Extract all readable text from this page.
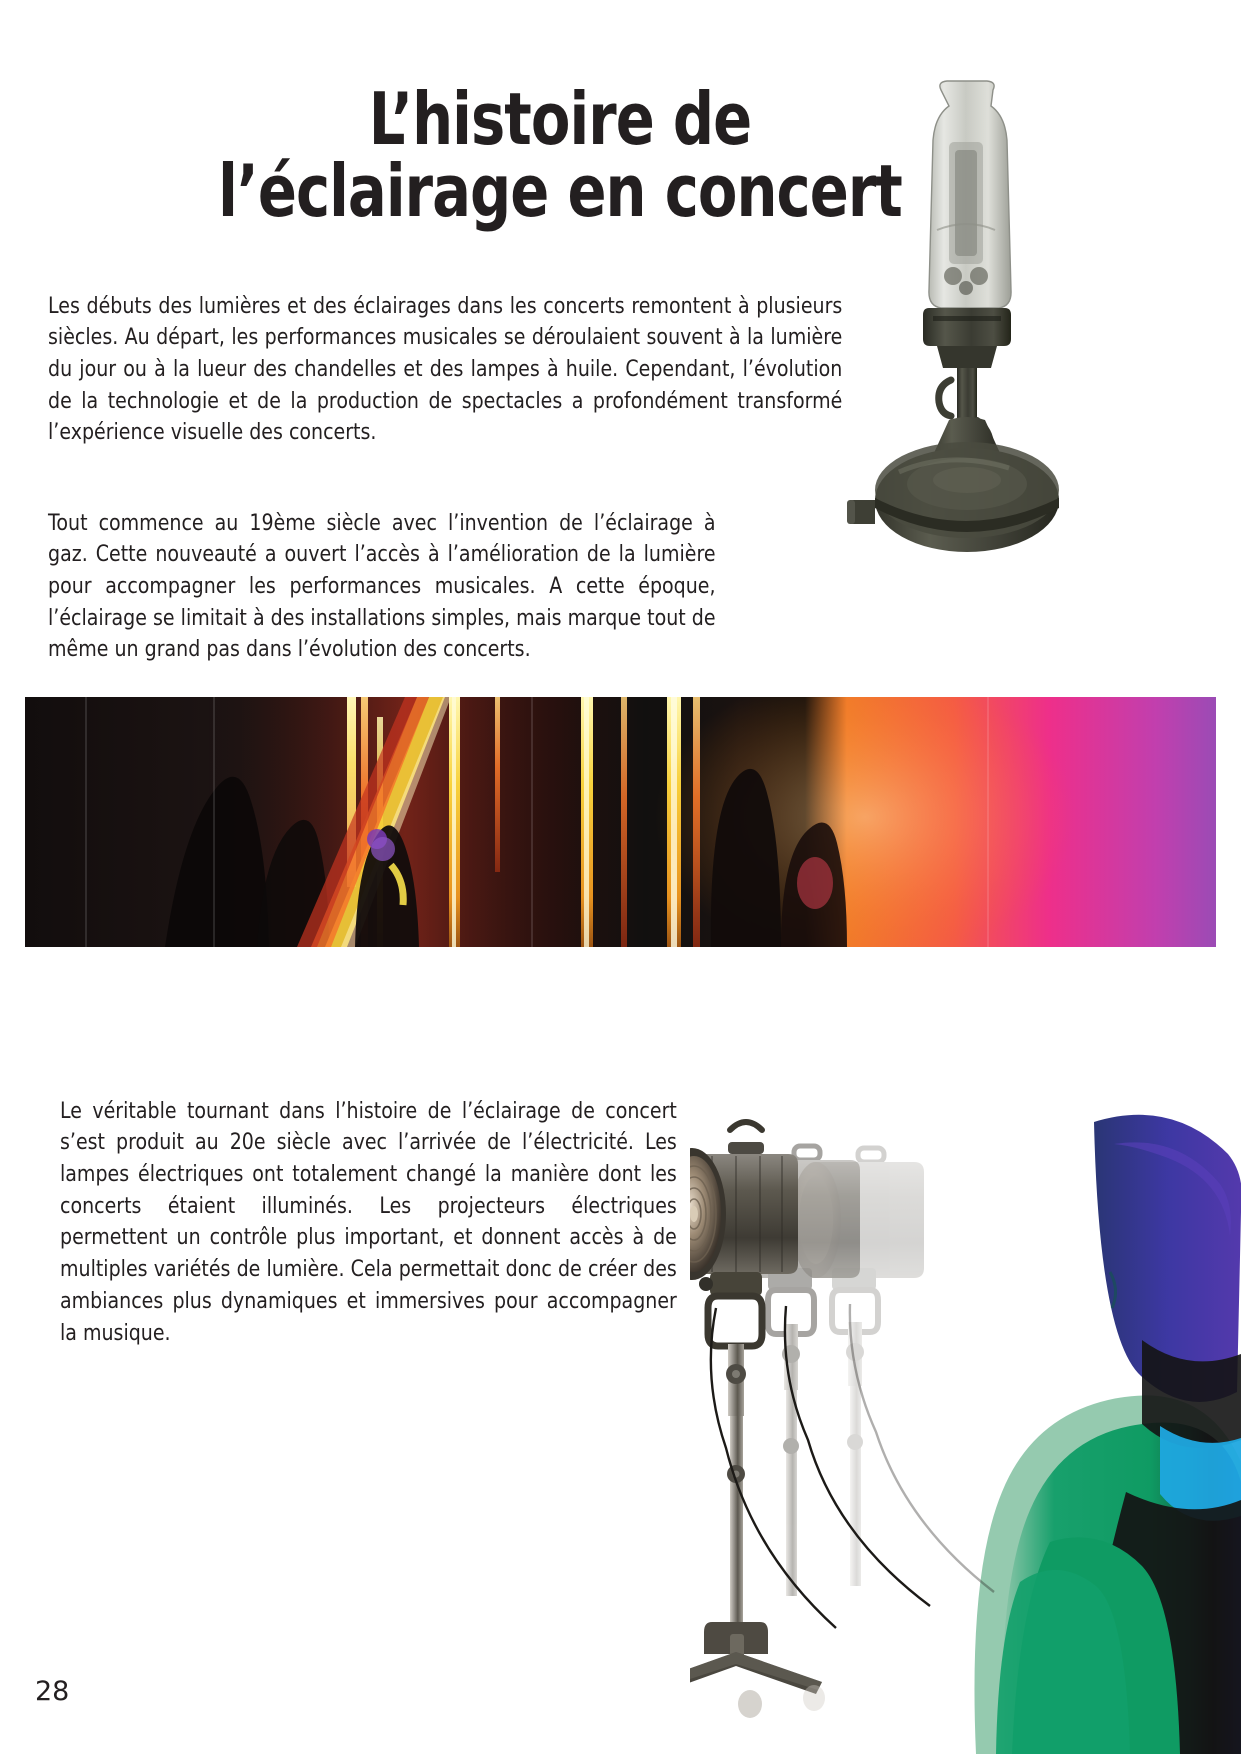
L’histoire de l’éclairage en concert

Les débuts des lumières et des éclairages dans les concerts remontent à plusieurs siècles. Au départ, les performances musicales se déroulaient souvent à la lumière du jour ou à la lueur des chandelles et des lampes à huile. Cependant, l’évolution de la technologie et de la production de spectacles a profondément transformé l’expérience visuelle des concerts.

Tout commence au 19ème siècle avec l’invention de l’éclairage à gaz. Cette nouveauté a ouvert l’accès à l’amélioration de la lumière pour accompagner les performances musicales. A cette époque, l’éclairage se limitait à des installations simples, mais marque tout de même un grand pas dans l’évolution des concerts.

Le véritable tournant dans l’histoire de l’éclairage de concert s’est produit au 20e siècle avec l’arrivée de l’électricité. Les lampes électriques ont totalement changé la manière dont les concerts étaient illuminés. Les projecteurs électriques permettent un contrôle plus important, et donnent accès à de multiples variétés de lumière. Cela permettait donc de créer des ambiances plus dynamiques et immersives pour accompagner la musique.

28
